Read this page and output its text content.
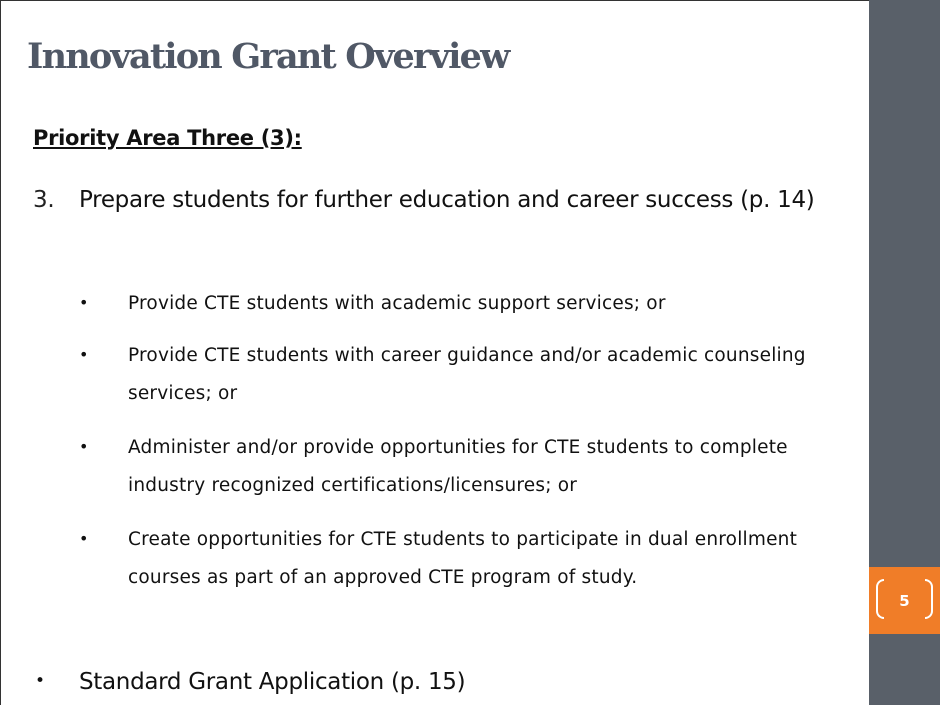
Innovation Grant Overview
Priority Area Three (3):
3.	Prepare students for further education and career success (p. 14)
•	Provide CTE students with academic support services; or
•	Provide CTE students with career guidance and/or academic counseling services; or
•	Administer and/or provide opportunities for CTE students to complete industry recognized certifications/licensures; or
•	Create opportunities for CTE students to participate in dual enrollment courses as part of an approved CTE program of study.
•	Standard Grant Application (p. 15)
5
